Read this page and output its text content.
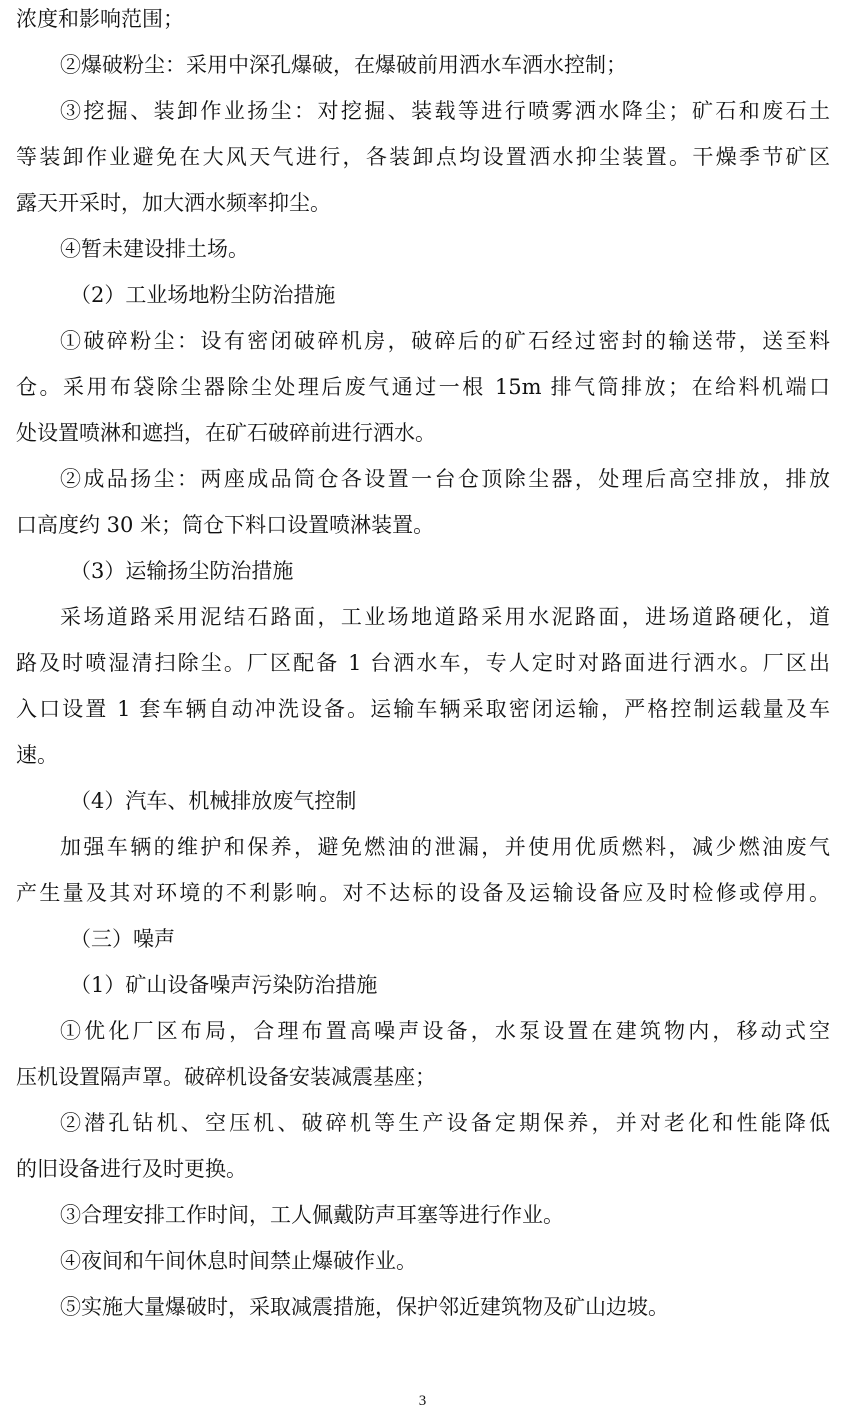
浓度和影响范围；
②爆破粉尘：采用中深孔爆破，在爆破前用洒水车洒水控制；
③挖掘、装卸作业扬尘：对挖掘、装载等进行喷雾洒水降尘；矿石和废石土
等装卸作业避免在大风天气进行，各装卸点均设置洒水抑尘装置。干燥季节矿区
露天开采时，加大洒水频率抑尘。
④暂未建设排土场。
（2）工业场地粉尘防治措施
①破碎粉尘：设有密闭破碎机房，破碎后的矿石经过密封的输送带，送至料
仓。采用布袋除尘器除尘处理后废气通过一根 15m 排气筒排放；在给料机端口
处设置喷淋和遮挡，在矿石破碎前进行洒水。
②成品扬尘：两座成品筒仓各设置一台仓顶除尘器，处理后高空排放，排放
口高度约 30 米；筒仓下料口设置喷淋装置。
（3）运输扬尘防治措施
采场道路采用泥结石路面，工业场地道路采用水泥路面，进场道路硬化，道
路及时喷湿清扫除尘。厂区配备 1 台洒水车，专人定时对路面进行洒水。厂区出
入口设置 1 套车辆自动冲洗设备。运输车辆采取密闭运输，严格控制运载量及车
速。
（4）汽车、机械排放废气控制
加强车辆的维护和保养，避免燃油的泄漏，并使用优质燃料，减少燃油废气
产生量及其对环境的不利影响。对不达标的设备及运输设备应及时检修或停用。
（三）噪声
（1）矿山设备噪声污染防治措施
①优化厂区布局，合理布置高噪声设备，水泵设置在建筑物内，移动式空
压机设置隔声罩。破碎机设备安装减震基座；
②潜孔钻机、空压机、破碎机等生产设备定期保养，并对老化和性能降低
的旧设备进行及时更换。
③合理安排工作时间，工人佩戴防声耳塞等进行作业。
④夜间和午间休息时间禁止爆破作业。
⑤实施大量爆破时，采取减震措施，保护邻近建筑物及矿山边坡。
3
